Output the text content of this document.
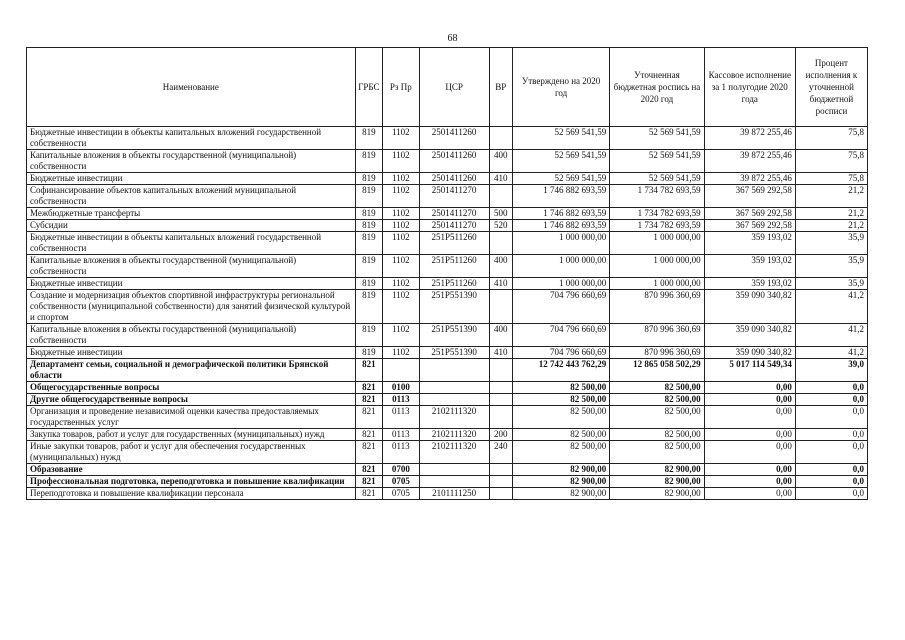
68
Наименование	ГРБС	Рз Пр	ЦСР	ВР	Утверждено на 2020 год	Уточненная бюджетная роспись на 2020 год	Кассовое исполнение за 1 полугодие 2020 года	Процент исполнения к уточненной бюджетной росписи
Бюджетные инвестиции в объекты капитальных вложений государственной собственности	819	1102	2501411260		52 569 541,59	52 569 541,59	39 872 255,46	75,8
Капитальные вложения в объекты государственной (муниципальной) собственности	819	1102	2501411260	400	52 569 541,59	52 569 541,59	39 872 255,46	75,8
Бюджетные инвестиции	819	1102	2501411260	410	52 569 541,59	52 569 541,59	39 872 255,46	75,8
Софинансирование объектов капитальных вложений муниципальной собственности	819	1102	2501411270		1 746 882 693,59	1 734 782 693,59	367 569 292,58	21,2
Межбюджетные трансферты	819	1102	2501411270	500	1 746 882 693,59	1 734 782 693,59	367 569 292,58	21,2
Субсидии	819	1102	2501411270	520	1 746 882 693,59	1 734 782 693,59	367 569 292,58	21,2
Бюджетные инвестиции в объекты капитальных вложений государственной собственности	819	1102	251P511260		1 000 000,00	1 000 000,00	359 193,02	35,9
Капитальные вложения в объекты государственной (муниципальной) собственности	819	1102	251P511260	400	1 000 000,00	1 000 000,00	359 193,02	35,9
Бюджетные инвестиции	819	1102	251P511260	410	1 000 000,00	1 000 000,00	359 193,02	35,9
Создание и модернизация объектов спортивной инфраструктуры региональной собственности (муниципальной собственности) для занятий физической культурой и спортом	819	1102	251P551390		704 796 660,69	870 996 360,69	359 090 340,82	41,2
Капитальные вложения в объекты государственной (муниципальной) собственности	819	1102	251P551390	400	704 796 660,69	870 996 360,69	359 090 340,82	41,2
Бюджетные инвестиции	819	1102	251P551390	410	704 796 660,69	870 996 360,69	359 090 340,82	41,2
Департамент семьи, социальной и демографической политики Брянской области	821				12 742 443 762,29	12 865 058 502,29	5 017 114 549,34	39,0
Общегосударственные вопросы	821	0100			82 500,00	82 500,00	0,00	0,0
Другие общегосударственные вопросы	821	0113			82 500,00	82 500,00	0,00	0,0
Организация и проведение независимой оценки качества предоставляемых государственных услуг	821	0113	2102111320		82 500,00	82 500,00	0,00	0,0
Закупка товаров, работ и услуг для государственных (муниципальных) нужд	821	0113	2102111320	200	82 500,00	82 500,00	0,00	0,0
Иные закупки товаров, работ и услуг для обеспечения государственных (муниципальных) нужд	821	0113	2102111320	240	82 500,00	82 500,00	0,00	0,0
Образование	821	0700			82 900,00	82 900,00	0,00	0,0
Профессиональная подготовка, переподготовка и повышение квалификации	821	0705			82 900,00	82 900,00	0,00	0,0
Переподготовка и повышение квалификации персонала	821	0705	2101111250		82 900,00	82 900,00	0,00	0,0
